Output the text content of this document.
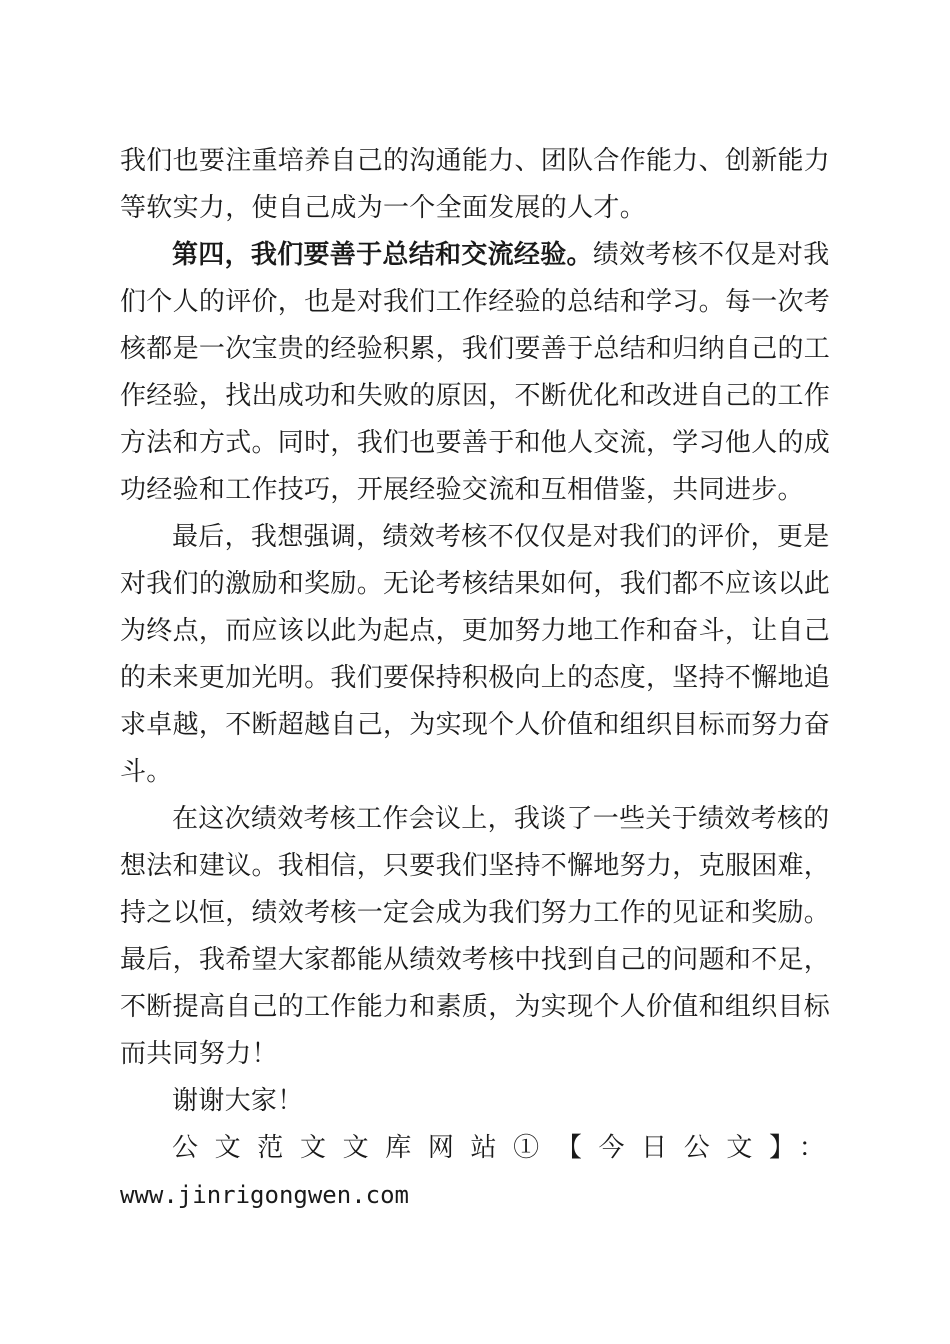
我们也要注重培养自己的沟通能力、团队合作能力、创新能力
等软实力，使自己成为一个全面发展的人才。
第四，我们要善于总结和交流经验。绩效考核不仅是对我
们个人的评价，也是对我们工作经验的总结和学习。每一次考
核都是一次宝贵的经验积累，我们要善于总结和归纳自己的工
作经验，找出成功和失败的原因，不断优化和改进自己的工作
方法和方式。同时，我们也要善于和他人交流，学习他人的成
功经验和工作技巧，开展经验交流和互相借鉴，共同进步。
最后，我想强调，绩效考核不仅仅是对我们的评价，更是
对我们的激励和奖励。无论考核结果如何，我们都不应该以此
为终点，而应该以此为起点，更加努力地工作和奋斗，让自己
的未来更加光明。我们要保持积极向上的态度，坚持不懈地追
求卓越，不断超越自己，为实现个人价值和组织目标而努力奋
斗。
在这次绩效考核工作会议上，我谈了一些关于绩效考核的
想法和建议。我相信，只要我们坚持不懈地努力，克服困难，
持之以恒，绩效考核一定会成为我们努力工作的见证和奖励。
最后，我希望大家都能从绩效考核中找到自己的问题和不足，
不断提高自己的工作能力和素质，为实现个人价值和组织目标
而共同努力！
谢谢大家！
公文范文文库网站①【今日公文】：
www.jinrigongwen.com
